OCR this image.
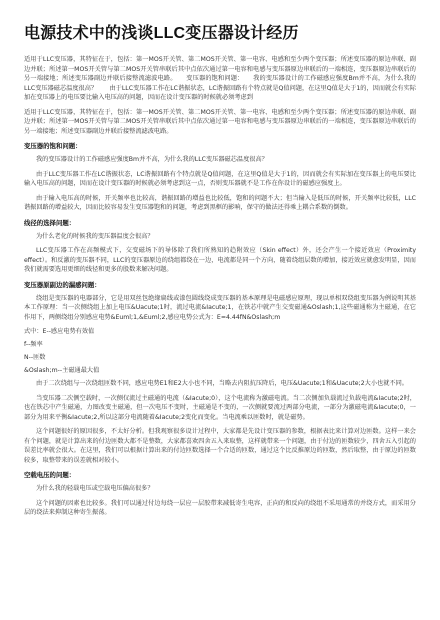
电源技术中的浅谈LLC变压器设计经历

适用于LLC变压器，其特征在于，包括：第一MOS开关管、第二MOS开关管、第一电容、电感和至少两个变压器；所述变压器的原边串联、副边并联；所述第一MOS开关管与第二MOS开关管串联后其中点依次通过第一电容和电感与变压器原边串联后的一端相连，变压器原边串联后的另一端接地；所述变压器副边并联后接整流滤波电路。　　变压器的饱和问题：　　我的变压器设计的工作磁感应强度Bm并不高，为什么我的LLC变压器磁芯温度很高？　　由于LLC变压器工作在LC谐振状态，LC谐振回路有个特点就是Q值问题，在这里Q值是大于1的，因而就会有实际加在变压器上的电压要比输入电压高的问题，因而在设计变压器的时候就必须考虑到

适用于LLC变压器，其特征在于，包括：第一MOS开关管、第二MOS开关管、第一电容、电感和至少两个变压器；所述变压器的原边串联、副边并联；所述第一MOS开关管与第二MOS开关管串联后其中点依次通过第一电容和电感与变压器原边串联后的一端相连，变压器原边串联后的另一端接地；所述变压器副边并联后接整流滤波电路。

变压器的饱和问题：

我的变压器设计的工作磁感应强度Bm并不高，为什么我的LLC变压器磁芯温度很高？

由于LLC变压器工作在LC谐振状态，LC谐振回路有个特点就是Q值问题，在这里Q值是大于1的，因而就会有实际加在变压器上的电压要比输入电压高的问题，因而在设计变压器的时候就必须考虑到这一点，否则变压器就不是工作在你设计的磁感应强度上。

由于输入电压高的时候，开关频率也比较高，谐振回路的增益也比较低，饱和的问题不大；但当输入是低压的时候，开关频率比较低，LLC谐振回路的增益较大，因而比较容易发生变压器饱和的问题，考虑到黑框的影响，保守的做法还得乘上耦合系数的倒数。

线径的选择问题：

为什么老化的时候我的变压器温度会很高？

LLC变压器工作在高频模式下，交变磁场下的导体除了我们所熟知的趋附效应（Skin effect）外，还会产生一个接近效应（Proximity effect）。和反激的变压器不同，LLC的变压器原边的绕组都绕在一边，电流都是同一个方向，随着绕组层数的增加，接近效应就愈发明显，因而我们就需要选用更细的线径和更多的股数来解决问题。

变压器原副边的漏感问题：

绕组是变压器的电器部分，它是用双丝包绝缘扁线或漆包圆线绕成变压器的基本原理是电磁感应原理，现以单相双绕组变压器为例说明其基本工作原理：当一次侧绕组上加上电压&Uacute;1时，流过电流&Iacute;1，在铁芯中就产生交变磁通&Oslash;1,这些磁通称为主磁通，在它作用下，两侧绕组分别感应电势&Euml;1,&Euml;2,感应电势公式为：E=4.44fN&Oslash;m

式中：E--感应电势有效值

f--频率

N--匝数

&Oslash;m--主磁通最大值

由于二次绕组与一次绕组匝数不同，感应电势E1和E2大小也不同，当略去内阻抗压降后，电压&Uacute;1和&Uacute;2大小也就不同。

当变压器二次侧空载时，一次侧仅流过主磁通的电流（&Iacute;0），这个电流称为激磁电流。当二次侧加负载流过负载电流&Iacute;2时，也在铁芯中产生磁通，力图改变主磁通，但一次电压不变时，主磁通是不变的，一次侧就要流过两部分电流，一部分为激磁电流&Iacute;0，一部分为用来平衡&Iacute;2,所以这部分电流随着&Iacute;2变化而变化。当电流乘以匝数时，就是磁势。

这个问题很好的原因很多，不太好分析。但我观察很多设计过程中，大家都是先设计变压器的参数，根据表比来计算对边匝数。这样一来会有个问题，就是计算出来的付边匝数大都不是整数，大家都喜欢四舍五入来取整，这样就带来一个问题，由于付边的匝数较少，四舍五入引起的误差比率就会很大。在这里，我们可以根据计算出来的付边匝数选择一个合适的匝数，通过这个比反推原边的匝数，然后取整，由于原边的匝数较多，取整带来的误差就相对较小。

空载电压的问题：

为什么我的轻载电压或空载电压偏高很多？

这个问题的因素也比较多。我们可以通过付边每绕一层应一层胶带来减低寄生电容，正向的和反向的绕组不采用通常的并绕方式，而采用分层的绕法来抑制这种寄生振荡。
